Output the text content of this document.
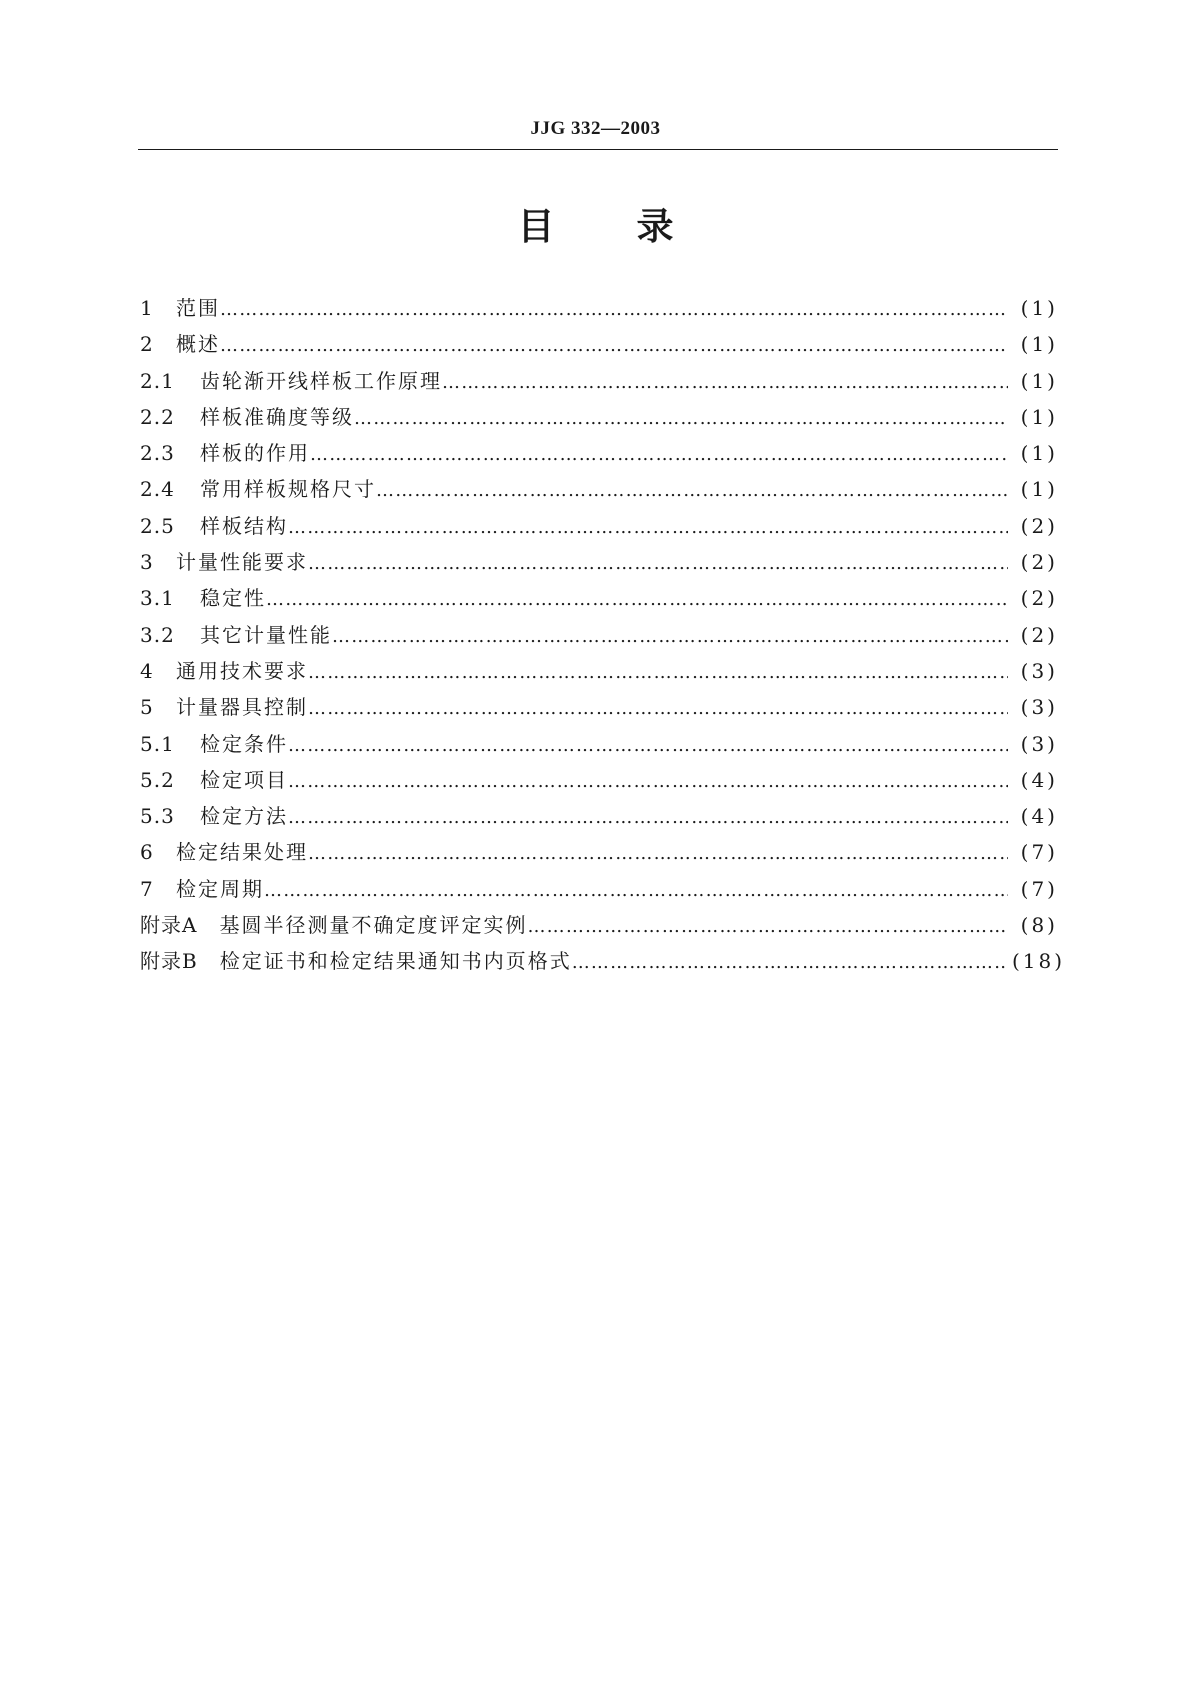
JJG 332—2003
目 录
1	范围 ……………………………………………………………………………………………………………………………………………………………………	(1)
2	概述 ……………………………………………………………………………………………………………………………………………………………………	(1)
2.1	齿轮渐开线样板工作原理 ……………………………………………………………………………………………………………………………………………………………………	(1)
2.2	样板准确度等级 ……………………………………………………………………………………………………………………………………………………………………	(1)
2.3	样板的作用 ……………………………………………………………………………………………………………………………………………………………………	(1)
2.4	常用样板规格尺寸 ……………………………………………………………………………………………………………………………………………………………………	(1)
2.5	样板结构 ……………………………………………………………………………………………………………………………………………………………………	(2)
3	计量性能要求 ……………………………………………………………………………………………………………………………………………………………………	(2)
3.1	稳定性 ……………………………………………………………………………………………………………………………………………………………………	(2)
3.2	其它计量性能 ……………………………………………………………………………………………………………………………………………………………………	(2)
4	通用技术要求 ……………………………………………………………………………………………………………………………………………………………………	(3)
5	计量器具控制 ……………………………………………………………………………………………………………………………………………………………………	(3)
5.1	检定条件 ……………………………………………………………………………………………………………………………………………………………………	(3)
5.2	检定项目 ……………………………………………………………………………………………………………………………………………………………………	(4)
5.3	检定方法 ……………………………………………………………………………………………………………………………………………………………………	(4)
6	检定结果处理 ……………………………………………………………………………………………………………………………………………………………………	(7)
7	检定周期 ……………………………………………………………………………………………………………………………………………………………………	(7)
附录A 基圆半径测量不确定度评定实例 ……………………………………………………………………………………………………………………………………………………………………	(8)
附录B 检定证书和检定结果通知书内页格式 ……………………………………………………………………………………………………………………………………………………………………	(18)
